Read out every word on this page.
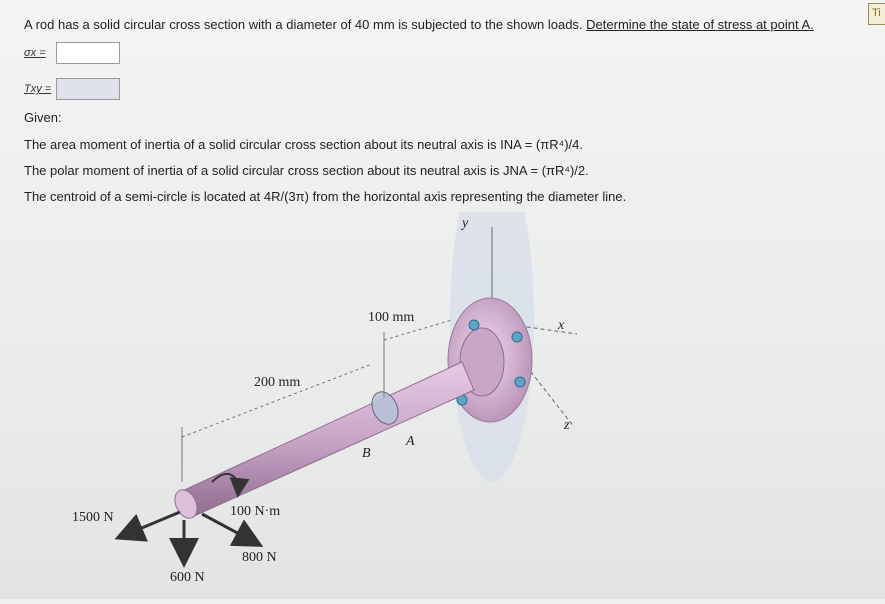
Ti
A rod has a solid circular cross section with a diameter of 40 mm is subjected to the shown loads. Determine the state of stress at point A.
σx =
Txy =
Given:
The area moment of inertia of a solid circular cross section about its neutral axis is INA = (πR⁴)/4.
The polar moment of inertia of a solid circular cross section about its neutral axis is JNA = (πR⁴)/2.
The centroid of a semi-circle is located at 4R/(3π) from the horizontal axis representing the diameter line.
y
x
z
100 mm
200 mm
A
B
1500 N	100 N·m
800 N
600 N
